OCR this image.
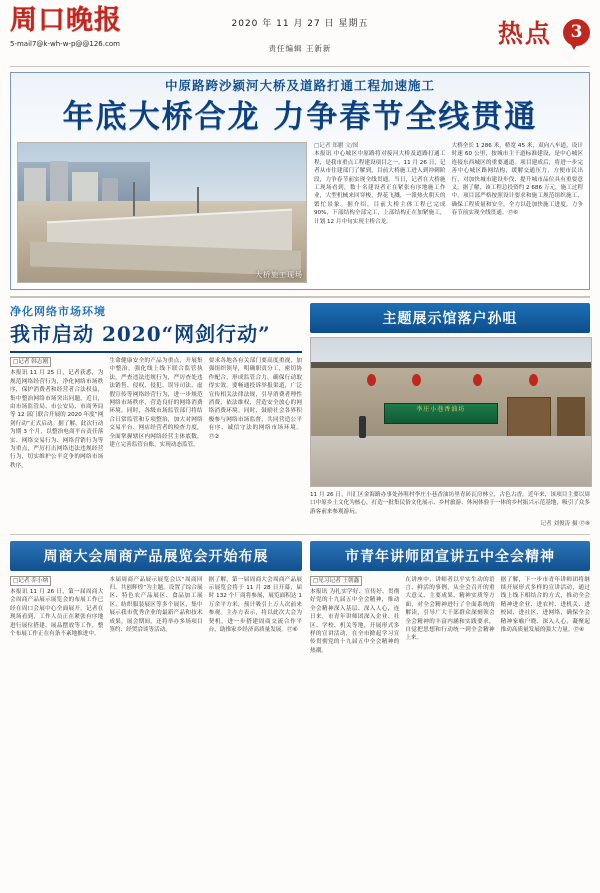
周口晚报
5-mail7@k-wh-w-p@@126.com
2020 年 11 月 27 日 星期五
责任编辑 王新新
热点 3
中原路跨沙颍河大桥及道路打通工程加速施工
年底大桥合龙 力争春节全线贯通
大桥施工现场
□记者 郑鹏 文/图
本报讯 中心城区中原路将对接河大桥及道路打通工程，是我市重点工程建设项目之一。11 月 26 日，记者从市住建部门了解到，目前大桥施工进入到冲刺阶段，力争春节前实现全线贯通。当日，记者在大桥施工现场看到，数十名建设者正在紧张有序地施工作业，大型机械来回穿梭，焊花飞溅，一派热火朝天的繁忙景象。据介绍，目前大桥主体工程已完成 90%，下部结构全部完工，上部结构正在加紧施工，计划 12 月中旬实现主桥合龙。
大桥全长 1 286 米，桥宽 45 米，双向八车道，设计时速 60 公里，按城市主干道标准建设，是中心城区连接东西城区的重要通道。项目建成后，将进一步完善中心城区路网结构，缓解交通压力，方便市民出行，对加快城市建设步伐、提升城市品位具有重要意义。据了解，该工程总投资约 2 686 万元，施工过程中，项目部严格按照设计要求和施工规范组织施工，确保工程质量和安全，全力以赴加快施工进度，力争春节前实现全线贯通。⑰⑥
净化网络市场环境
我市启动 2020“网剑行动”
□记者 韩志刚
本报讯 11 月 25 日，记者获悉，为规范网络经营行为，净化网络市场秩序，保护消费者和经营者合法权益，集中整治网络市场突出问题，近日，由市场监管局、市公安局、市商务局等 12 部门联合开展的 2020 年度“网剑行动”正式启动。据了解，此次行动为期 3 个月，以整治电商平台责任落实、网络交易行为、网络营销行为等为重点，严厉打击网络违法违规经营行为，切实维护公平竞争的网络市场秩序。
生命健康安全的产品为重点，开展集中整治，强化线上线下联合监管执法，严查违法违规行为，严厉查处违法销售、侵权、侵犯、误导司法、虚假宣传等网络经营行为，进一步规范网络市场秩序，营造良好的网络消费环境。同时，各级市场监管部门将结合日常监管和专项整治，加大对网络交易平台、网店经营者的检查力度，全面掌握辖区内网络经营主体底数，建立完善监管台账，实现动态监管。
要求各地各有关部门要高度重视，加强组织领导，明确职责分工，密切协作配合，形成监管合力，确保行动取得实效。要畅通投诉举报渠道，广泛宣传相关法律法规，引导消费者理性消费、依法维权，营造安全放心的网络消费环境。同时，鼓励社会各界积极参与网络市场监督，共同营造公平有序、诚信守法的网络市场环境。⑰②
主题展示馆落户孙咀
李庄小巷香油坊
11 月 26 日，川汇区金海路办事处孙咀村李庄小巷香油坊里青砖瓦房林立，古色古香。近年来，该项目主要以周口中原乡土文化为核心，打造一批集民俗文化展示、乡村旅游、休闲体验于一体的乡村振兴示范基地，吸引了众多游客前来参观游玩。
记者 刘俊涛 摄 ⑰⑧
周商大会周商产品展览会开始布展
□记者 乔小纳
本报讯 11 月 26 日，第一届周商大会周商产品展示展览会的布展工作已经在周口会展中心全面展开。记者在现场看到，工作人员正在紧张有序地进行展位搭建、展品摆放等工作，整个布展工作正在有条不紊地推进中。
本届周商产品展示展览会以“周商回归、共创辉煌”为主题，设置了综合展区、特色农产品展区、食品加工展区、纺织服装展区等多个展区，集中展示我市优秀企业的最新产品和技术成果。展会期间，还将举办多场项目签约、经贸洽谈等活动。
据了解，第一届周商大会周商产品展示展览会将于 11 月 28 日开幕，届时 132 个厂商将参展，展览面积达 1 万余平方米，预计吸引上万人次前来参观。主办方表示，将以此次大会为契机，进一步搭建周商交流合作平台，助推家乡经济高质量发展。⑰⑥
市青年讲师团宣讲五中全会精神
□见习记者 王朝鑫
本报讯 为扎实学好、宣传好、贯彻好党的十九届五中全会精神，推动全会精神深入基层、深入人心，连日来，市青年讲师团深入企业、社区、学校、机关等地，开展形式多样的宣讲活动，在全市掀起学习宣传贯彻党的十九届五中全会精神的热潮。
在讲座中，讲师者以平实生动的语言、鲜活的事例，从全会召开的重大意义、主要成果、精神实质等方面，对全会精神进行了全面系统的解读，引导广大干部群众深刻领会全会精神的丰富内涵和实践要求，自觉把思想和行动统一到全会精神上来。
据了解，下一步市青年讲师团将继续开展形式多样的宣讲活动，通过线上线下相结合的方式，推动全会精神进企业、进农村、进机关、进校园、进社区、进网络，确保全会精神家喻户晓、深入人心，凝聚起推动高质量发展的强大力量。⑰④
